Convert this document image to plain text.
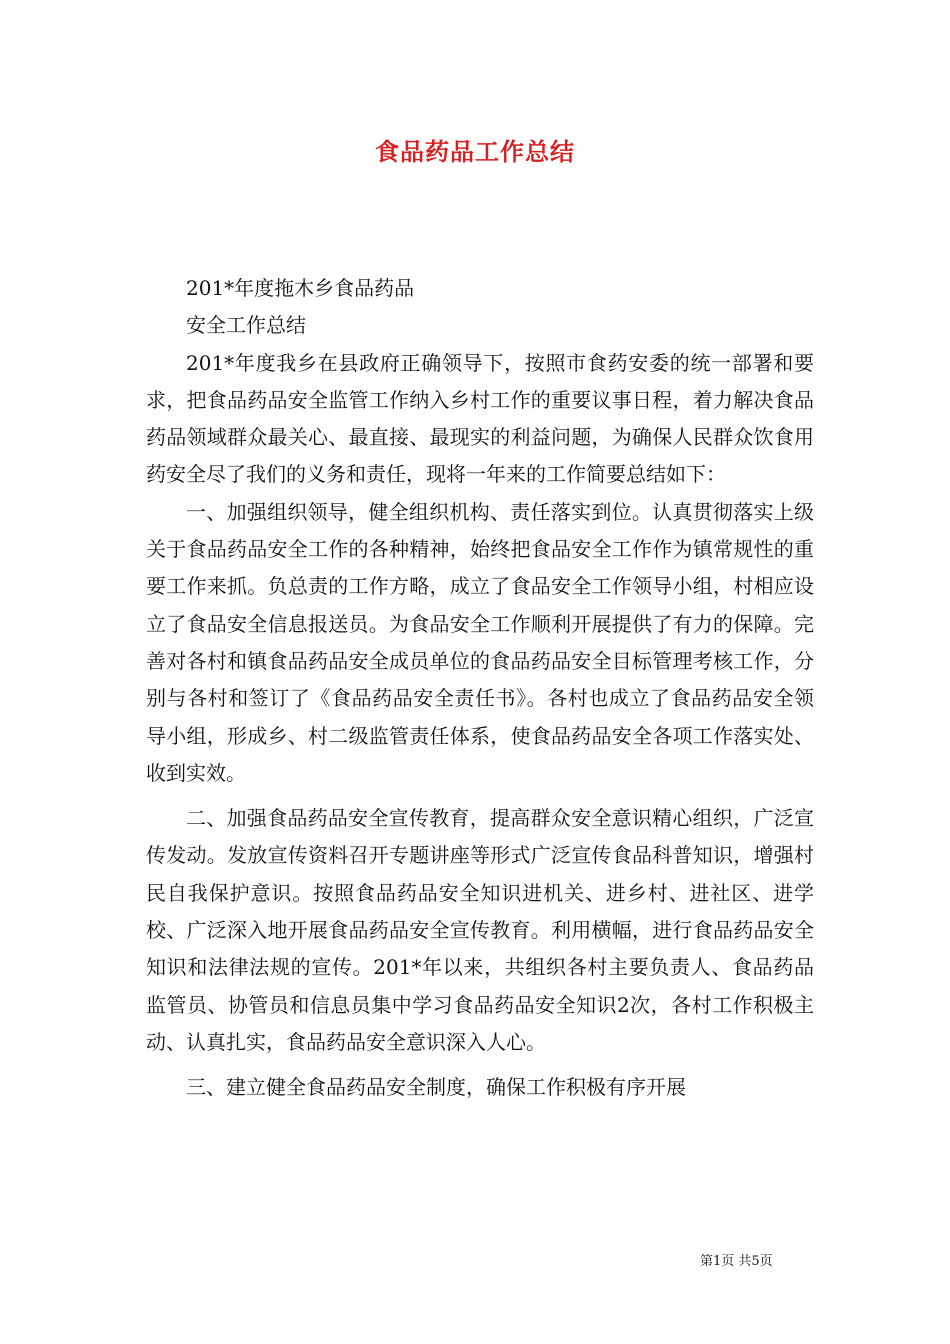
食品药品工作总结

201*年度拖木乡食品药品

安全工作总结

201*年度我乡在县政府正确领导下，按照市食药安委的统一部署和要求，把食品药品安全监管工作纳入乡村工作的重要议事日程，着力解决食品药品领域群众最关心、最直接、最现实的利益问题，为确保人民群众饮食用药安全尽了我们的义务和责任，现将一年来的工作简要总结如下：

一、加强组织领导，健全组织机构、责任落实到位。认真贯彻落实上级关于食品药品安全工作的各种精神，始终把食品安全工作作为镇常规性的重要工作来抓。负总责的工作方略，成立了食品安全工作领导小组，村相应设立了食品安全信息报送员。为食品安全工作顺利开展提供了有力的保障。完善对各村和镇食品药品安全成员单位的食品药品安全目标管理考核工作，分别与各村和签订了《食品药品安全责任书》。各村也成立了食品药品安全领导小组，形成乡、村二级监管责任体系，使食品药品安全各项工作落实处、收到实效。

二、加强食品药品安全宣传教育，提高群众安全意识精心组织，广泛宣传发动。发放宣传资料召开专题讲座等形式广泛宣传食品科普知识，增强村民自我保护意识。按照食品药品安全知识进机关、进乡村、进社区、进学校、广泛深入地开展食品药品安全宣传教育。利用横幅，进行食品药品安全知识和法律法规的宣传。201*年以来，共组织各村主要负责人、食品药品监管员、协管员和信息员集中学习食品药品安全知识2次，各村工作积极主动、认真扎实，食品药品安全意识深入人心。

三、建立健全食品药品安全制度，确保工作积极有序开展

第1页 共5页
